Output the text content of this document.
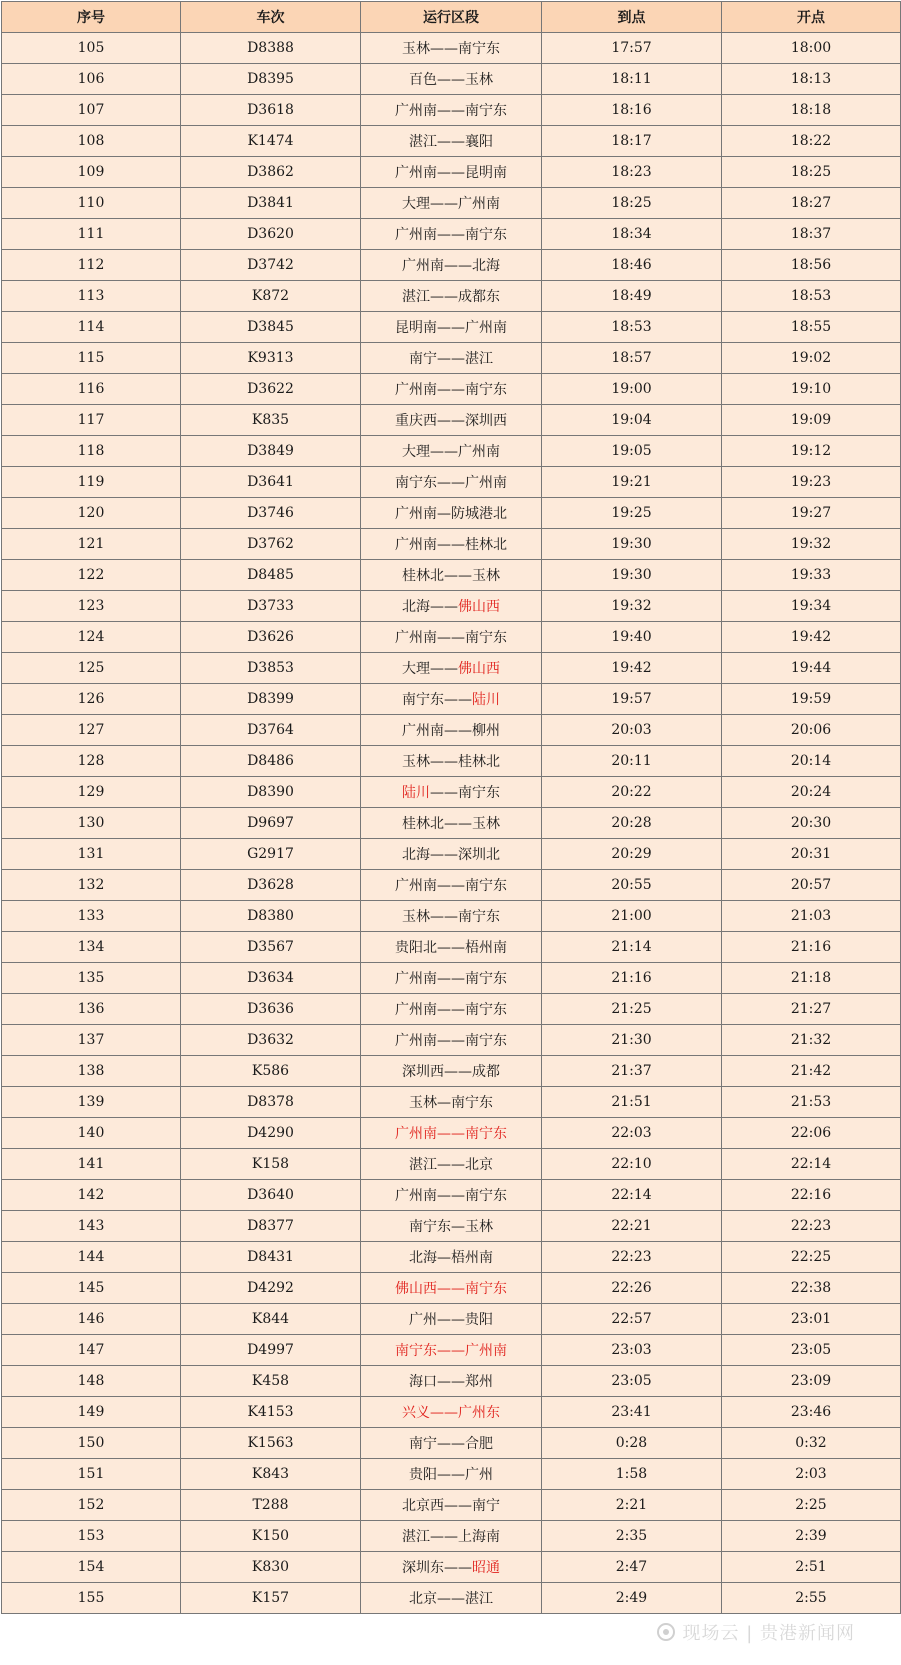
序号	车次	运行区段	到点	开点
105	D8388	玉林——南宁东	17:57	18:00
106	D8395	百色——玉林	18:11	18:13
107	D3618	广州南——南宁东	18:16	18:18
108	K1474	湛江——襄阳	18:17	18:22
109	D3862	广州南——昆明南	18:23	18:25
110	D3841	大理——广州南	18:25	18:27
111	D3620	广州南——南宁东	18:34	18:37
112	D3742	广州南——北海	18:46	18:56
113	K872	湛江——成都东	18:49	18:53
114	D3845	昆明南——广州南	18:53	18:55
115	K9313	南宁——湛江	18:57	19:02
116	D3622	广州南——南宁东	19:00	19:10
117	K835	重庆西——深圳西	19:04	19:09
118	D3849	大理——广州南	19:05	19:12
119	D3641	南宁东——广州南	19:21	19:23
120	D3746	广州南—防城港北	19:25	19:27
121	D3762	广州南——桂林北	19:30	19:32
122	D8485	桂林北——玉林	19:30	19:33
123	D3733	北海——佛山西	19:32	19:34
124	D3626	广州南——南宁东	19:40	19:42
125	D3853	大理——佛山西	19:42	19:44
126	D8399	南宁东——陆川	19:57	19:59
127	D3764	广州南——柳州	20:03	20:06
128	D8486	玉林——桂林北	20:11	20:14
129	D8390	陆川——南宁东	20:22	20:24
130	D9697	桂林北——玉林	20:28	20:30
131	G2917	北海——深圳北	20:29	20:31
132	D3628	广州南——南宁东	20:55	20:57
133	D8380	玉林——南宁东	21:00	21:03
134	D3567	贵阳北——梧州南	21:14	21:16
135	D3634	广州南——南宁东	21:16	21:18
136	D3636	广州南——南宁东	21:25	21:27
137	D3632	广州南——南宁东	21:30	21:32
138	K586	深圳西——成都	21:37	21:42
139	D8378	玉林—南宁东	21:51	21:53
140	D4290	广州南——南宁东	22:03	22:06
141	K158	湛江——北京	22:10	22:14
142	D3640	广州南——南宁东	22:14	22:16
143	D8377	南宁东—玉林	22:21	22:23
144	D8431	北海—梧州南	22:23	22:25
145	D4292	佛山西——南宁东	22:26	22:38
146	K844	广州——贵阳	22:57	23:01
147	D4997	南宁东——广州南	23:03	23:05
148	K458	海口——郑州	23:05	23:09
149	K4153	兴义——广州东	23:41	23:46
150	K1563	南宁——合肥	0:28	0:32
151	K843	贵阳——广州	1:58	2:03
152	T288	北京西——南宁	2:21	2:25
153	K150	湛江——上海南	2:35	2:39
154	K830	深圳东——昭通	2:47	2:51
155	K157	北京——湛江	2:49	2:55
现场云 | 贵港新闻网
